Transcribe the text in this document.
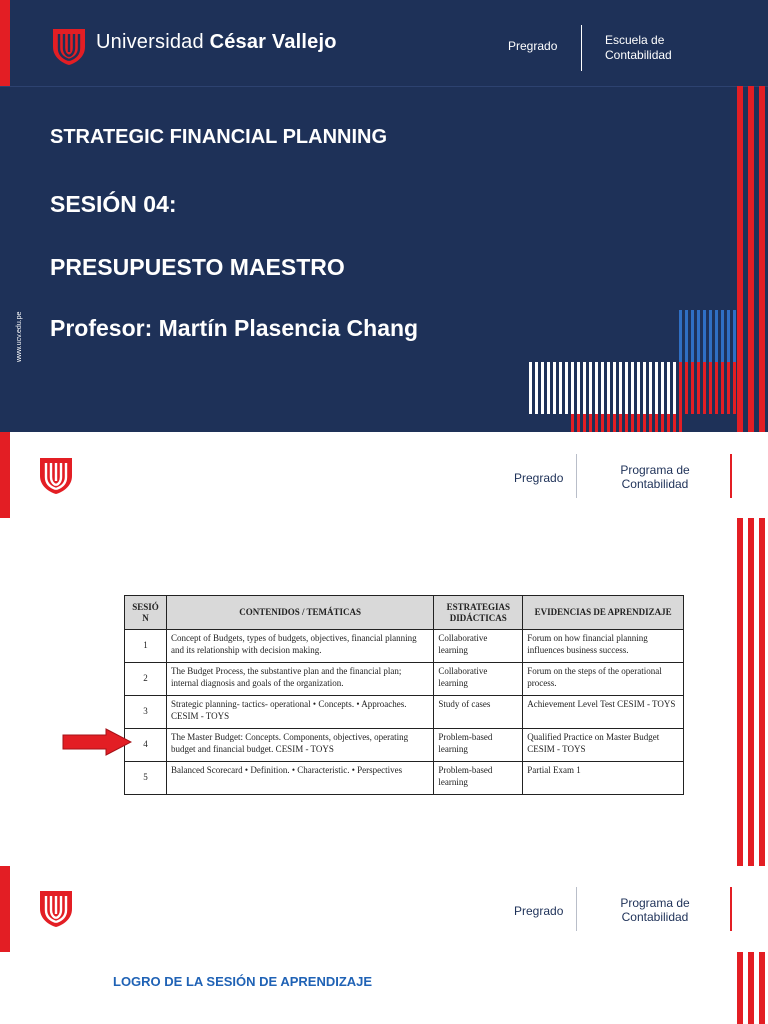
Universidad César Vallejo	Pregrado	Escuela de
Contabilidad
STRATEGIC FINANCIAL PLANNING
SESIÓN 04:
PRESUPUESTO MAESTRO
Profesor: Martín Plasencia Chang
www.ucv.edu.pe
Pregrado
Programa de
Contabilidad
SESIÓ N	CONTENIDOS / TEMÁTICAS	ESTRATEGIAS DIDÁCTICAS	EVIDENCIAS DE APRENDIZAJE
1	Concept of Budgets, types of budgets, objectives, financial planning and its relationship with decision making.	Collaborative learning	Forum on how financial planning influences business success.
2	The Budget Process, the substantive plan and the financial plan; internal diagnosis and goals of the organization.	Collaborative learning	Forum on the steps of the operational process.
3	Strategic planning- tactics- operational • Concepts. • Approaches. CESIM - TOYS	Study of cases	Achievement Level Test CESIM - TOYS
4	The Master Budget: Concepts. Components, objectives, operating budget and financial budget. CESIM - TOYS	Problem-based learning	Qualified Practice on Master Budget CESIM - TOYS
5	Balanced Scorecard • Definition. • Characteristic. • Perspectives	Problem-based learning	Partial Exam 1
Pregrado
Programa de
Contabilidad
LOGRO DE LA SESIÓN DE APRENDIZAJE
